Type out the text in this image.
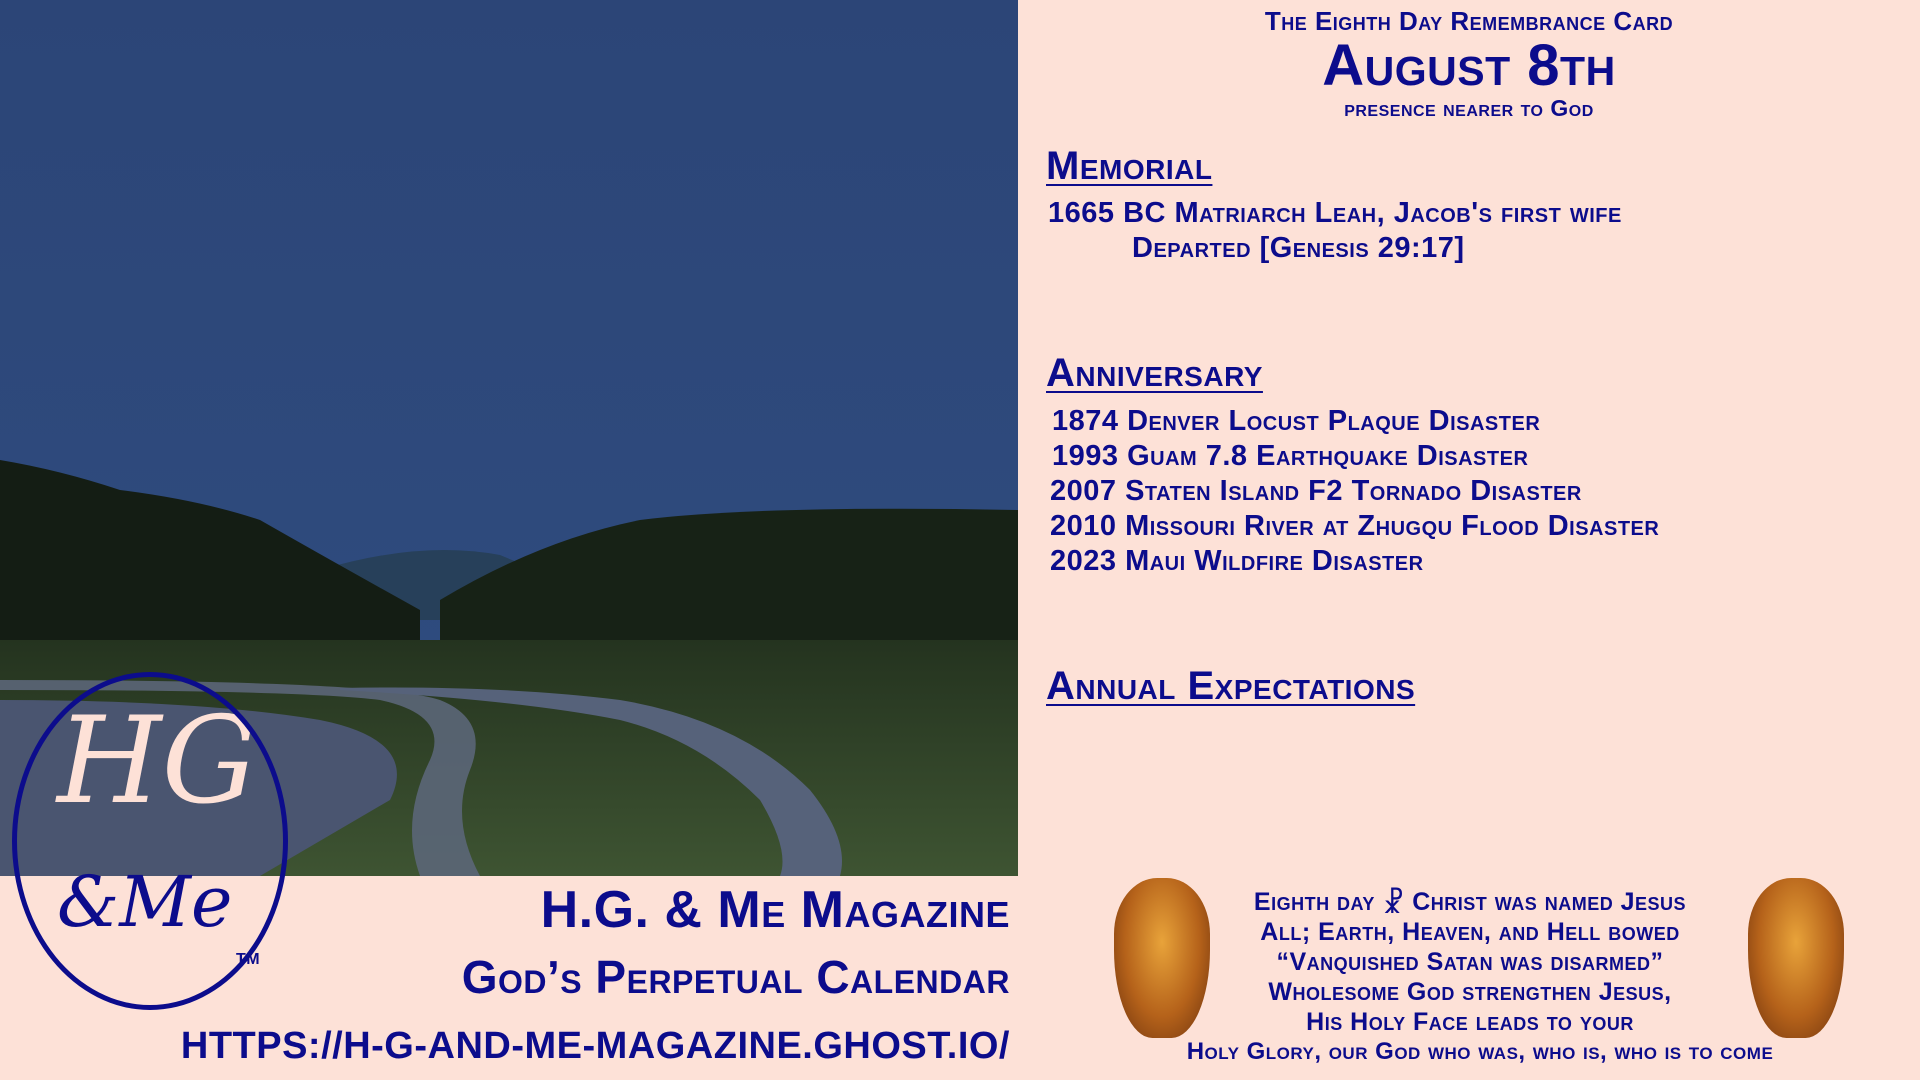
HG
&Me
TM
H.G. & Me Magazine
God’s Perpetual Calendar
HTTPS://H-G-AND-ME-MAGAZINE.GHOST.IO/
The Eighth Day Remembrance Card
August 8th
presence nearer to God
Memorial
1665 BC Matriarch Leah, Jacob's first wife
Departed [Genesis 29:17]
Anniversary
1874 Denver Locust Plaque Disaster
1993 Guam 7.8 Earthquake Disaster
2007 Staten Island F2 Tornado Disaster
2010 Missouri River at Zhugqu Flood Disaster
2023 Maui Wildfire Disaster
Annual Expectations
Eighth day ☧ Christ was named Jesus
All; Earth, Heaven, and Hell bowed
“Vanquished Satan was disarmed”
Wholesome God strengthen Jesus,
His Holy Face leads to your
Holy Glory, our God who was, who is, who is to come
